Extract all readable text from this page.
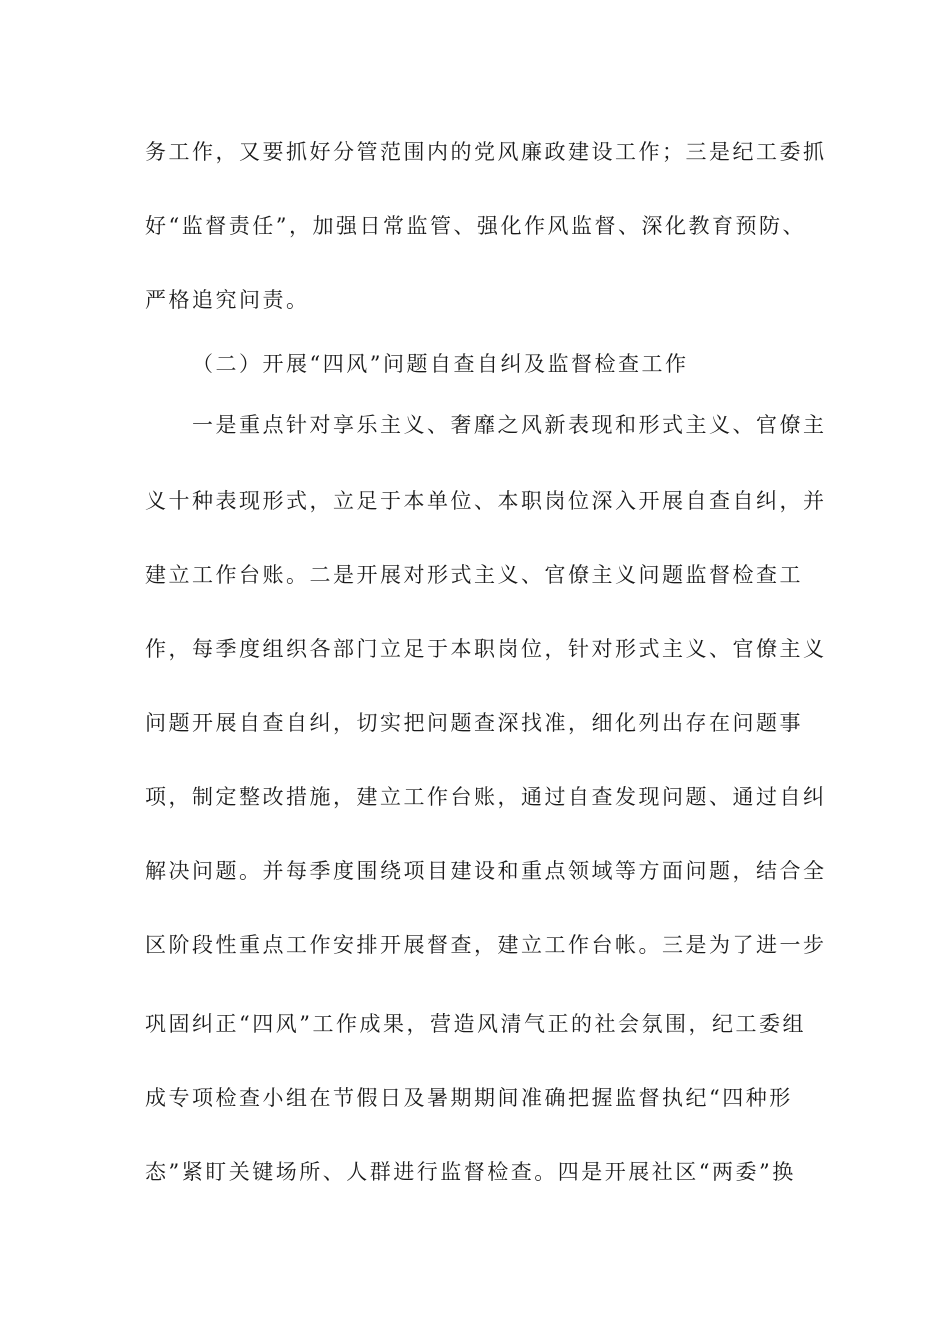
务工作，又要抓好分管范围内的党风廉政建设工作；三是纪工委抓
好“监督责任”，加强日常监管、强化作风监督、深化教育预防、
严格追究问责。
（二）开展“四风”问题自查自纠及监督检查工作
一是重点针对享乐主义、奢靡之风新表现和形式主义、官僚主
义十种表现形式，立足于本单位、本职岗位深入开展自查自纠，并
建立工作台账。二是开展对形式主义、官僚主义问题监督检查工
作，每季度组织各部门立足于本职岗位，针对形式主义、官僚主义
问题开展自查自纠，切实把问题查深找准，细化列出存在问题事
项，制定整改措施，建立工作台账，通过自查发现问题、通过自纠
解决问题。并每季度围绕项目建设和重点领域等方面问题，结合全
区阶段性重点工作安排开展督查，建立工作台帐。三是为了进一步
巩固纠正“四风”工作成果，营造风清气正的社会氛围，纪工委组
成专项检查小组在节假日及暑期期间准确把握监督执纪“四种形
态”紧盯关键场所、人群进行监督检查。四是开展社区“两委”换
